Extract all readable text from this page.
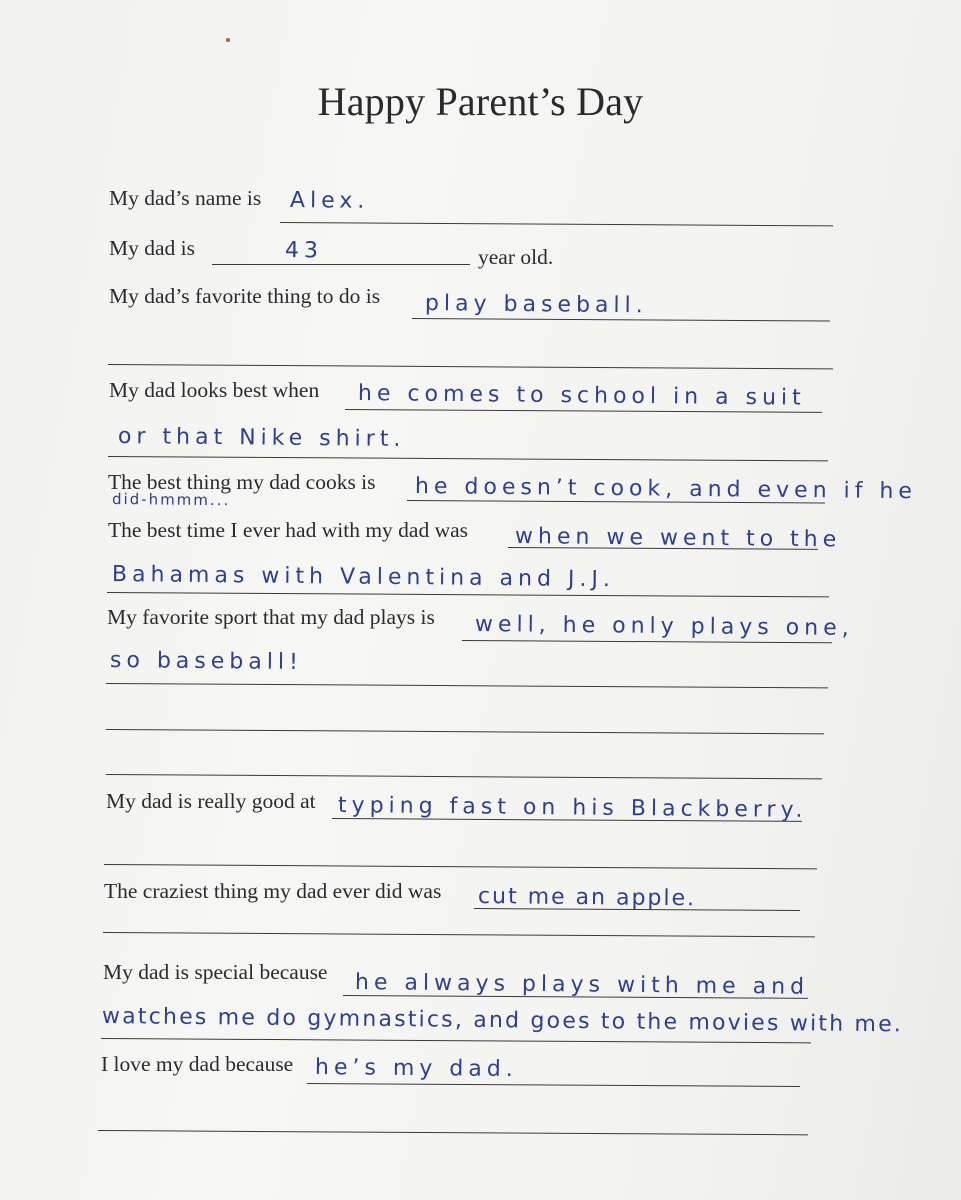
Happy Parent’s Day
My dad’s name is Alex.
My dad is	43	year old.
My dad’s favorite thing to do is play baseball.
My dad looks best when he comes to school in a suit
or that Nike shirt.
The best thing my dad cooks is he doesn’t cook, and even if he
did-hmmm...
The best time I ever had with my dad was when we went to the
Bahamas with Valentina and J.J.
My favorite sport that my dad plays is well, he only plays one,
so baseball!
My dad is really good at typing fast on his Blackberry.
The craziest thing my dad ever did was cut me an apple.
My dad is special because he always plays with me and
watches me do gymnastics, and goes to the movies with me.
I love my dad because he’s my dad.
